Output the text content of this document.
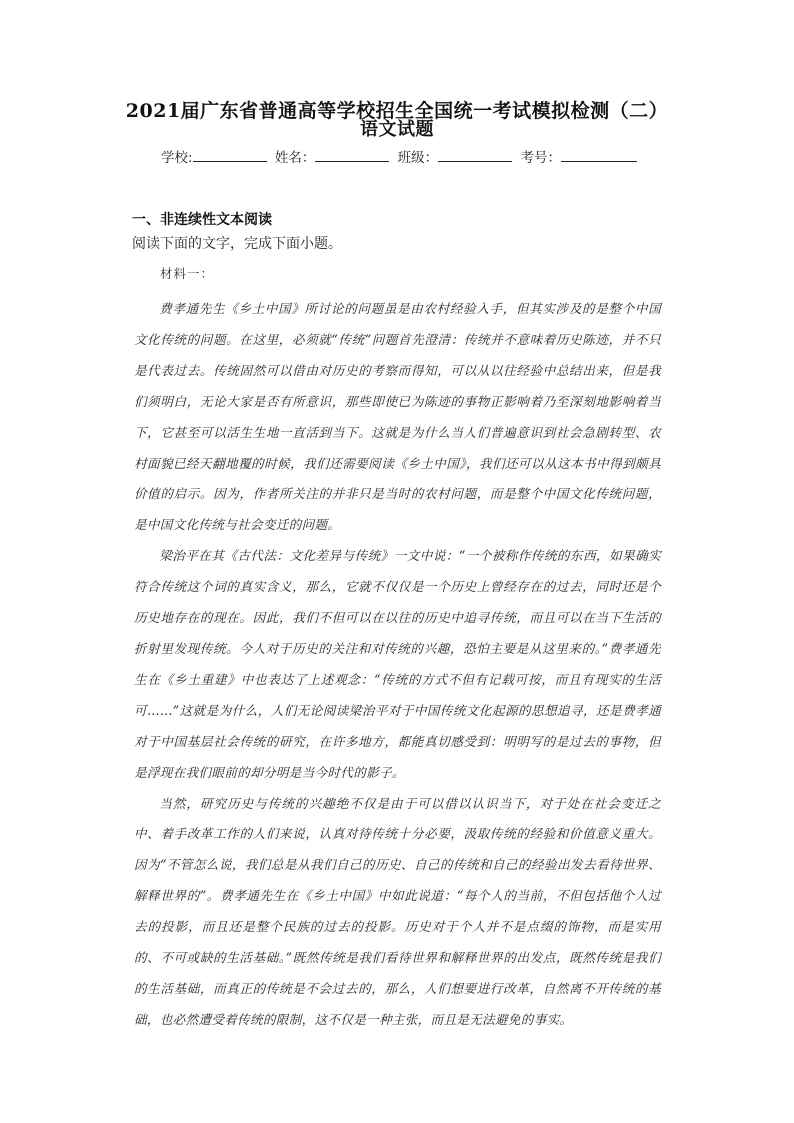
2021届广东省普通高等学校招生全国统一考试模拟检测（二）
语文试题
学校:	姓名：	班级：	考号：
一、非连续性文本阅读
阅读下面的文字，完成下面小题。
材料一：

费孝通先生《乡土中国》所讨论的问题虽是由农村经验入手，但其实涉及的是整个中国文化传统的问题。在这里，必须就“传统”问题首先澄清：传统并不意味着历史陈迹，并不只是代表过去。传统固然可以借由对历史的考察而得知，可以从以往经验中总结出来，但是我们须明白，无论大家是否有所意识，那些即使已为陈迹的事物正影响着乃至深刻地影响着当下，它甚至可以活生生地一直活到当下。这就是为什么当人们普遍意识到社会急剧转型、农村面貌已经天翻地覆的时候，我们还需要阅读《乡土中国》，我们还可以从这本书中得到颇具价值的启示。因为，作者所关注的并非只是当时的农村问题，而是整个中国文化传统问题，是中国文化传统与社会变迁的问题。

梁治平在其《古代法：文化差异与传统》一文中说：“一个被称作传统的东西，如果确实符合传统这个词的真实含义，那么，它就不仅仅是一个历史上曾经存在的过去，同时还是个历史地存在的现在。因此，我们不但可以在以往的历史中追寻传统，而且可以在当下生活的折射里发现传统。今人对于历史的关注和对传统的兴趣，恐怕主要是从这里来的。”费孝通先生在《乡土重建》中也表达了上述观念：“传统的方式不但有记载可按，而且有现实的生活可……”这就是为什么，人们无论阅读梁治平对于中国传统文化起源的思想追寻，还是费孝通对于中国基层社会传统的研究，在许多地方，都能真切感受到：明明写的是过去的事物，但是浮现在我们眼前的却分明是当今时代的影子。

当然，研究历史与传统的兴趣绝不仅是由于可以借以认识当下，对于处在社会变迁之中、着手改革工作的人们来说，认真对待传统十分必要，汲取传统的经验和价值意义重大。因为“不管怎么说，我们总是从我们自己的历史、自己的传统和自己的经验出发去看待世界、解释世界的”。费孝通先生在《乡土中国》中如此说道：“每个人的当前，不但包括他个人过去的投影，而且还是整个民族的过去的投影。历史对于个人并不是点缀的饰物，而是实用的、不可或缺的生活基础。”既然传统是我们看待世界和解释世界的出发点，既然传统是我们的生活基础，而真正的传统是不会过去的，那么，人们想要进行改革，自然离不开传统的基础，也必然遭受着传统的限制，这不仅是一种主张，而且是无法避免的事实。
